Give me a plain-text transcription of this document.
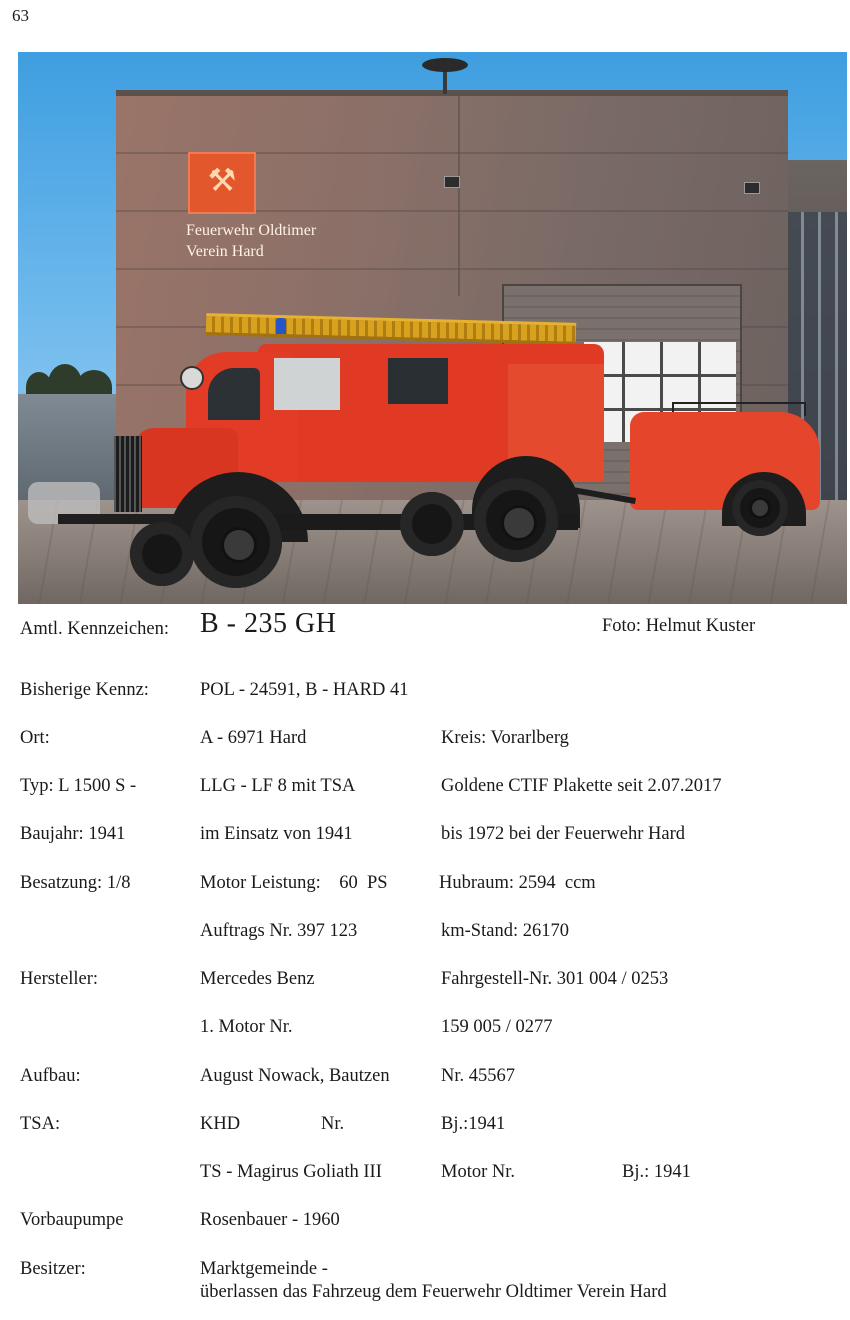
63
⚒
Feuerwehr Oldtimer
Verein Hard
Amtl. Kennzeichen: B - 235 GH	Foto: Helmut Kuster
Bisherige Kennz:	POL - 24591, B - HARD 41
Ort:	A - 6971 Hard	Kreis: Vorarlberg
Typ: L 1500 S -	LLG - LF 8 mit TSA	Goldene CTIF Plakette seit 2.07.2017
Baujahr: 1941	im Einsatz von 1941	bis 1972 bei der Feuerwehr Hard
Besatzung: 1/8	Motor Leistung:    60  PS	Hubraum: 2594  ccm
Auftrags Nr. 397 123	km-Stand: 26170
Hersteller:	Mercedes Benz	Fahrgestell-Nr. 301 004 / 0253
1. Motor Nr.	159 005 / 0277
Aufbau:	August Nowack, Bautzen	Nr. 45567
TSA:	KHD	Nr.	Bj.:1941
TS - Magirus Goliath III	Motor Nr.	Bj.: 1941
Vorbaupumpe	Rosenbauer - 1960
Besitzer:	Marktgemeinde -
überlassen das Fahrzeug dem Feuerwehr Oldtimer Verein Hard
